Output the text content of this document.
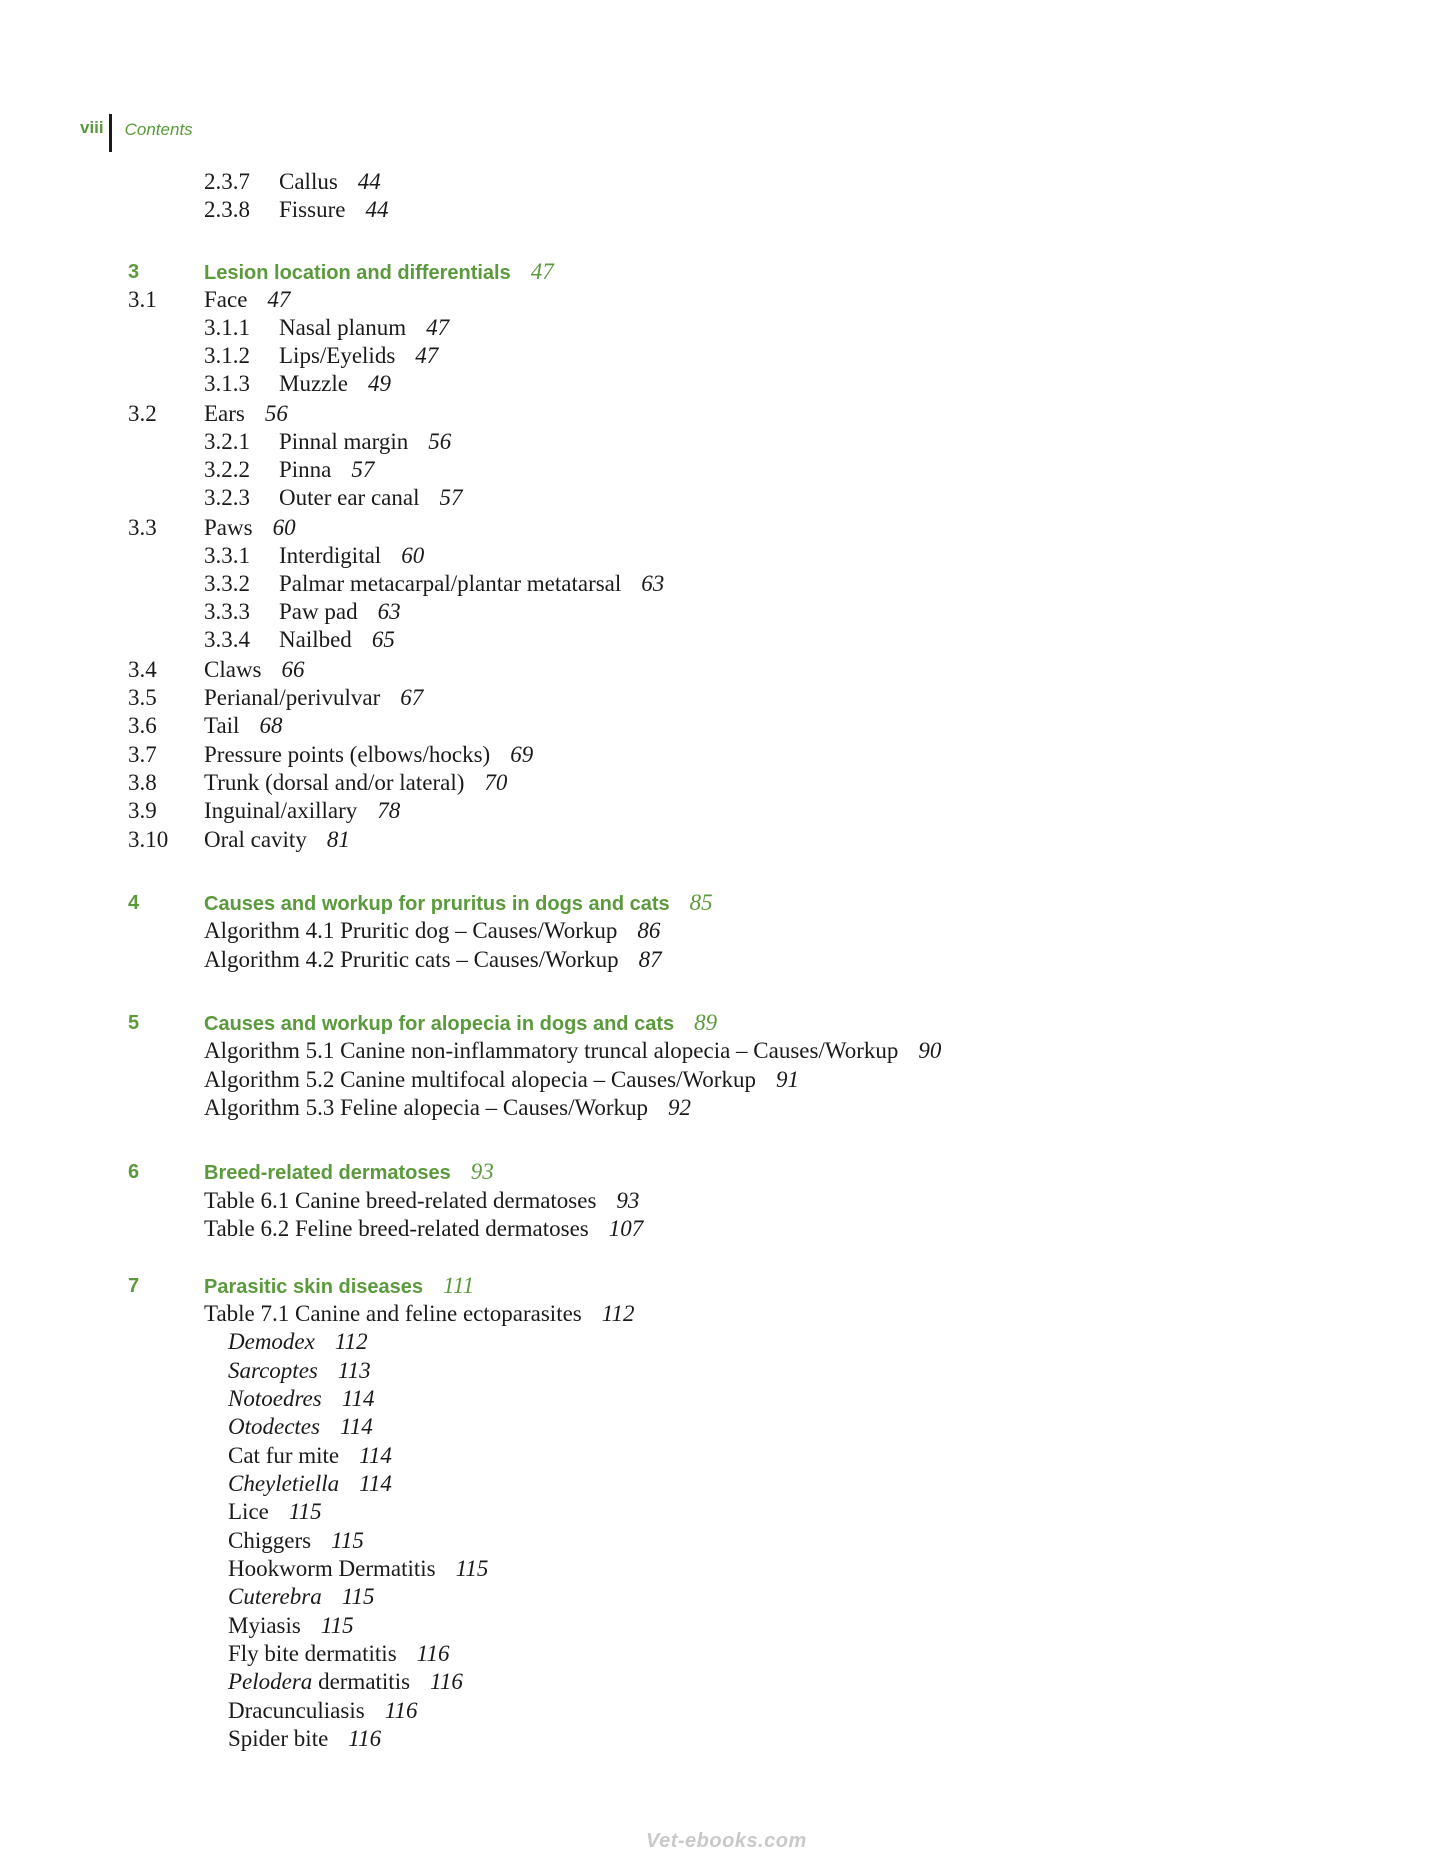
viii Contents
2.3.7 Callus 44
2.3.8 Fissure 44
3	Lesion location and differentials 47
3.1 Face 47
3.1.1 Nasal planum 47
3.1.2 Lips/Eyelids 47
3.1.3 Muzzle 49
3.2 Ears 56
3.2.1 Pinnal margin 56
3.2.2 Pinna 57
3.2.3 Outer ear canal 57
3.3 Paws 60
3.3.1 Interdigital 60
3.3.2 Palmar metacarpal/plantar metatarsal 63
3.3.3 Paw pad 63
3.3.4 Nailbed 65
3.4 Claws 66
3.5 Perianal/perivulvar 67
3.6 Tail 68
3.7 Pressure points (elbows/hocks) 69
3.8 Trunk (dorsal and/or lateral) 70
3.9 Inguinal/axillary 78
3.10 Oral cavity 81
4	Causes and workup for pruritus in dogs and cats 85
Algorithm 4.1 Pruritic dog – Causes/Workup 86
Algorithm 4.2 Pruritic cats – Causes/Workup 87
5	Causes and workup for alopecia in dogs and cats 89
Algorithm 5.1 Canine non-inflammatory truncal alopecia – Causes/Workup 90
Algorithm 5.2 Canine multifocal alopecia – Causes/Workup 91
Algorithm 5.3 Feline alopecia – Causes/Workup 92
6	Breed-related dermatoses 93
Table 6.1 Canine breed-related dermatoses 93
Table 6.2 Feline breed-related dermatoses 107
7	Parasitic skin diseases 111
Table 7.1 Canine and feline ectoparasites 112
Demodex 112
Sarcoptes 113
Notoedres 114
Otodectes 114
Cat fur mite 114
Cheyletiella 114
Lice 115
Chiggers 115
Hookworm Dermatitis 115
Cuterebra 115
Myiasis 115
Fly bite dermatitis 116
Pelodera dermatitis 116
Dracunculiasis 116
Spider bite 116
Vet-ebooks.com
